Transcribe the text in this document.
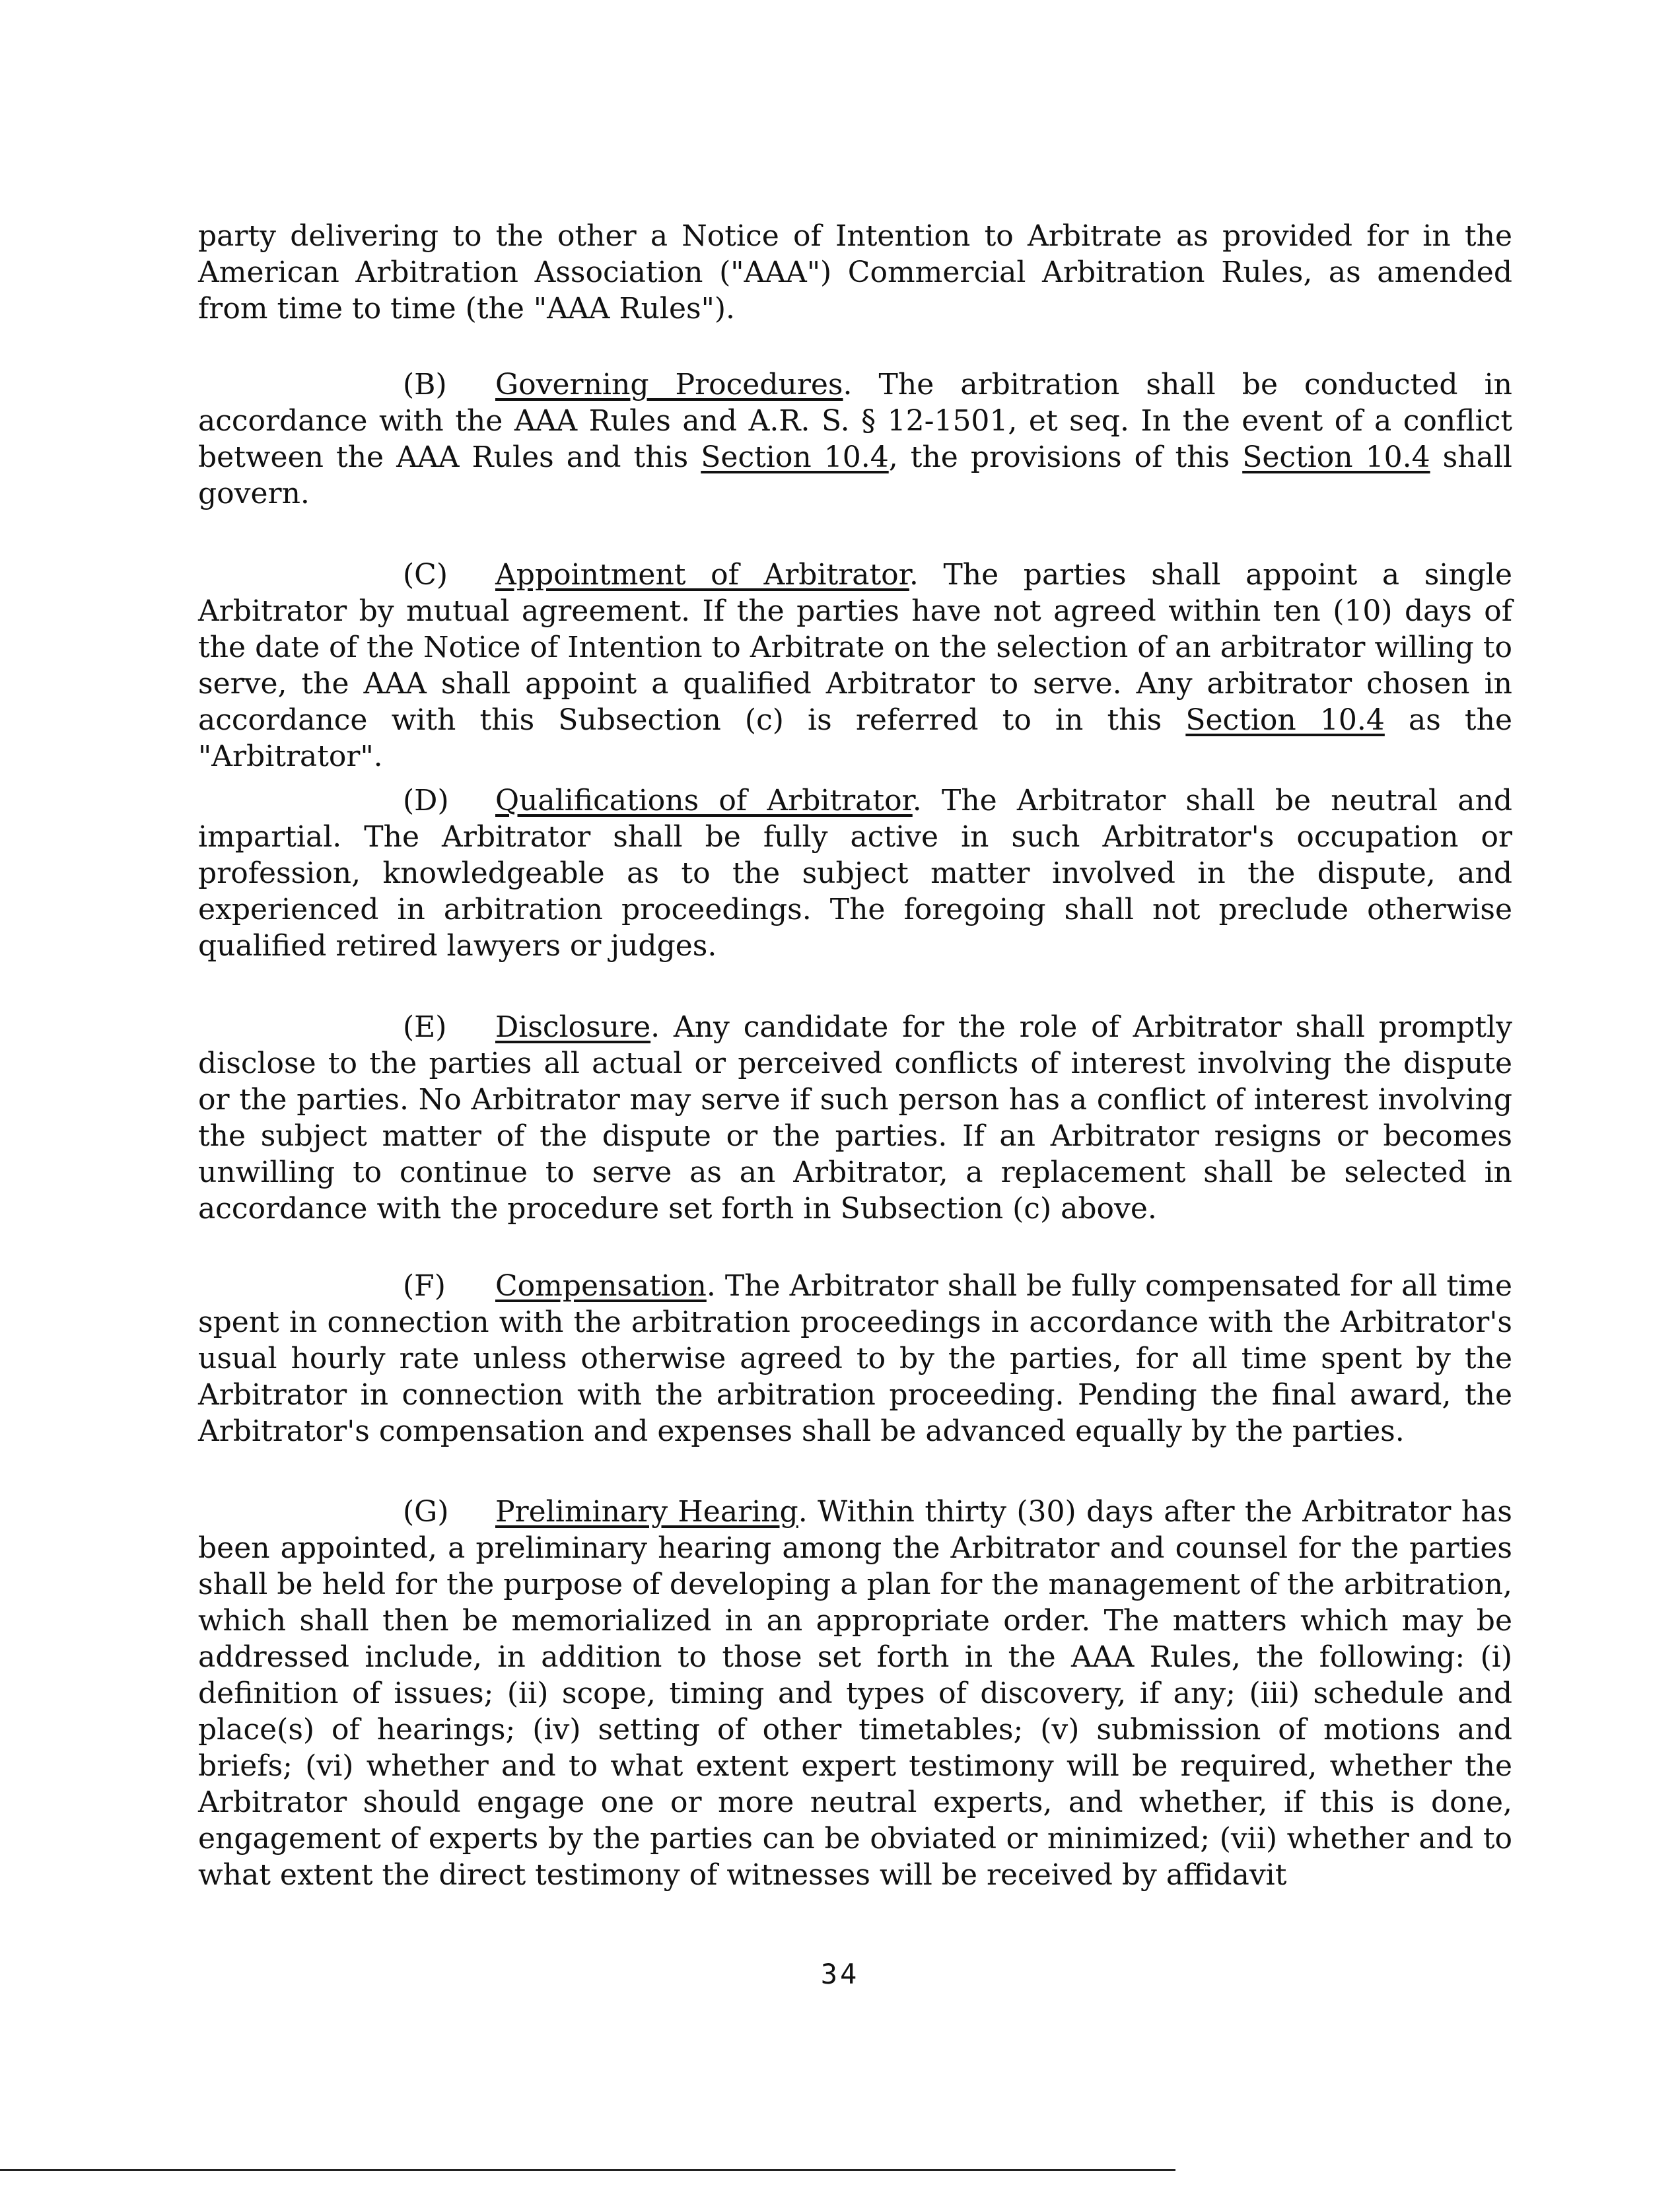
party delivering to the other a Notice of Intention to Arbitrate as provided for in the American Arbitration Association ("AAA") Commercial Arbitration Rules, as amended from time to time (the "AAA Rules").
(B) Governing Procedures. The arbitration shall be conducted in accordance with the AAA Rules and A.R. S. § 12-1501, et seq. In the event of a conflict between the AAA Rules and this Section 10.4, the provisions of this Section 10.4 shall govern.
(C) Appointment of Arbitrator. The parties shall appoint a single Arbitrator by mutual agreement. If the parties have not agreed within ten (10) days of the date of the Notice of Intention to Arbitrate on the selection of an arbitrator willing to serve, the AAA shall appoint a qualified Arbitrator to serve. Any arbitrator chosen in accordance with this Subsection (c) is referred to in this Section 10.4 as the "Arbitrator".
(D) Qualifications of Arbitrator. The Arbitrator shall be neutral and impartial. The Arbitrator shall be fully active in such Arbitrator's occupation or profession, knowledgeable as to the subject matter involved in the dispute, and experienced in arbitration proceedings. The foregoing shall not preclude otherwise qualified retired lawyers or judges.
(E) Disclosure. Any candidate for the role of Arbitrator shall promptly disclose to the parties all actual or perceived conflicts of interest involving the dispute or the parties. No Arbitrator may serve if such person has a conflict of interest involving the subject matter of the dispute or the parties. If an Arbitrator resigns or becomes unwilling to continue to serve as an Arbitrator, a replacement shall be selected in accordance with the procedure set forth in Subsection (c) above.
(F) Compensation. The Arbitrator shall be fully compensated for all time spent in connection with the arbitration proceedings in accordance with the Arbitrator's usual hourly rate unless otherwise agreed to by the parties, for all time spent by the Arbitrator in connection with the arbitration proceeding. Pending the final award, the Arbitrator's compensation and expenses shall be advanced equally by the parties.
(G) Preliminary Hearing. Within thirty (30) days after the Arbitrator has been appointed, a preliminary hearing among the Arbitrator and counsel for the parties shall be held for the purpose of developing a plan for the management of the arbitration, which shall then be memorialized in an appropriate order. The matters which may be addressed include, in addition to those set forth in the AAA Rules, the following: (i) definition of issues; (ii) scope, timing and types of discovery, if any; (iii) schedule and place(s) of hearings; (iv) setting of other timetables; (v) submission of motions and briefs; (vi) whether and to what extent expert testimony will be required, whether the Arbitrator should engage one or more neutral experts, and whether, if this is done, engagement of experts by the parties can be obviated or minimized; (vii) whether and to what extent the direct testimony of witnesses will be received by affidavit
34
